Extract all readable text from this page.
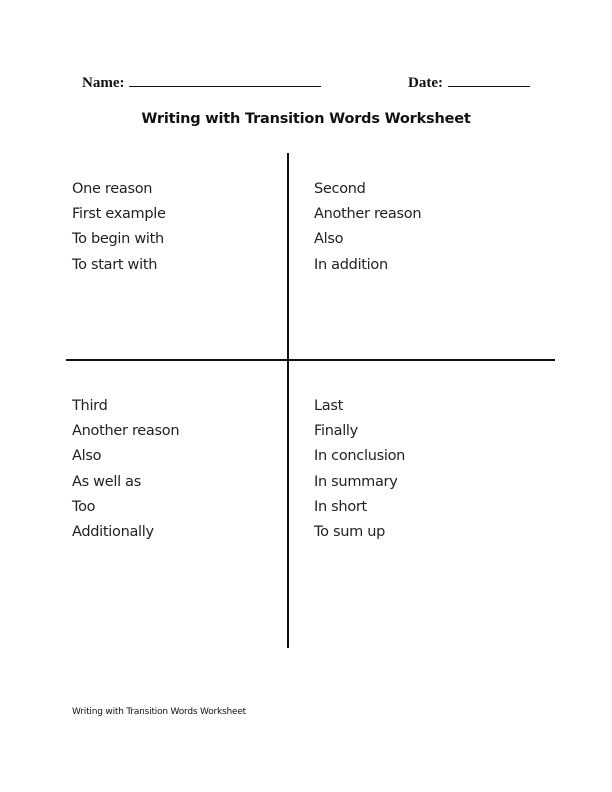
Name:	Date:
Writing with Transition Words Worksheet
One reason
First example
To begin with
To start with
Second
Another reason
Also
In addition
Third
Another reason
Also
As well as
Too
Additionally
Last
Finally
In conclusion
In summary
In short
To sum up
Writing with Transition Words Worksheet
